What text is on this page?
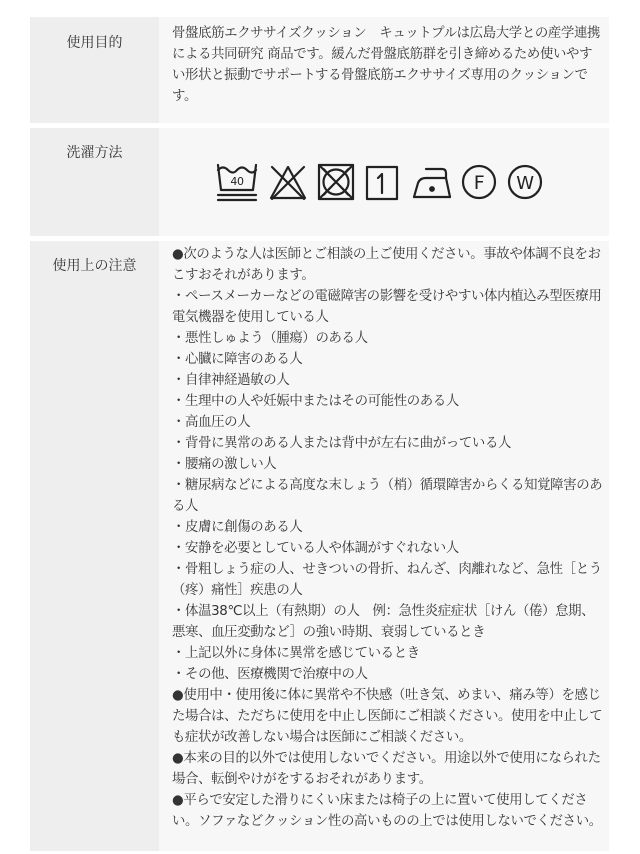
使用目的
骨盤底筋エクササイズクッション　キュットプルは広島大学との産学連携による共同研究 商品です。緩んだ骨盤底筋群を引き締めるため使いやすい形状と振動でサポートする骨盤底筋エクササイズ専用のクッションです。
洗濯方法
40	F W
使用上の注意
●次のような人は医師とご相談の上ご使用ください。事故や体調不良をおこすおそれがあります。
・ペースメーカーなどの電磁障害の影響を受けやすい体内植込み型医療用電気機器を使用している人
・悪性しゅよう（腫瘍）のある人
・心臓に障害のある人
・自律神経過敏の人
・生理中の人や妊娠中またはその可能性のある人
・高血圧の人
・背骨に異常のある人または背中が左右に曲がっている人
・腰痛の激しい人
・糖尿病などによる高度な末しょう（梢）循環障害からくる知覚障害のある人
・皮膚に創傷のある人
・安静を必要としている人や体調がすぐれない人
・骨粗しょう症の人、せきついの骨折、ねんざ、肉離れなど、急性［とう（疼）痛性］疾患の人
・体温38℃以上（有熱期）の人　例：急性炎症症状［けん（倦）怠期、悪寒、血圧変動など］の強い時期、衰弱しているとき
・上記以外に身体に異常を感じているとき
・その他、医療機関で治療中の人
●使用中・使用後に体に異常や不快感（吐き気、めまい、痛み等）を感じた場合は、ただちに使用を中止し医師にご相談ください。使用を中止しても症状が改善しない場合は医師にご相談ください。
●本来の目的以外では使用しないでください。用途以外で使用になられた場合、転倒やけがをするおそれがあります。
●平らで安定した滑りにくい床または椅子の上に置いて使用してください。ソファなどクッション性の高いものの上では使用しないでください。
